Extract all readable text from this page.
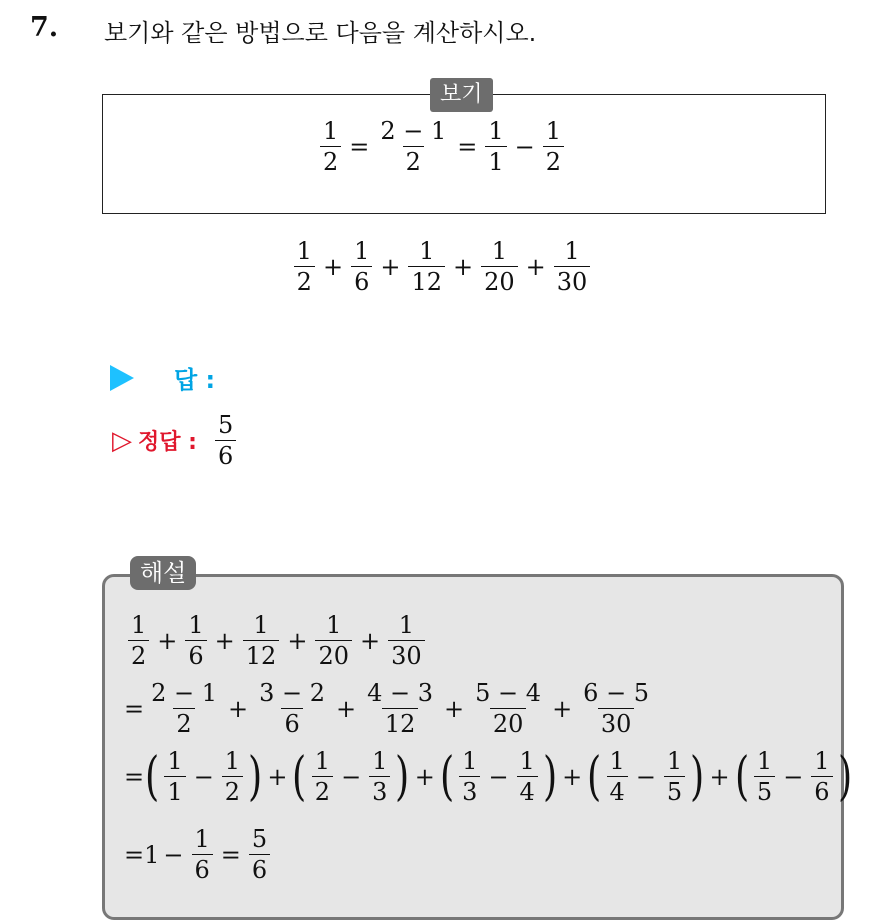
7. 보기와 같은 방법으로 다음을 계산하시오.
보기
$\frac{1}{2} = \frac{2 - 1}{2} = \frac{1}{1} - \frac{1}{2}$
$\frac{1}{2} + \frac{1}{6} + \frac{1}{12} + \frac{1}{20} + \frac{1}{30}$
답 :
▷ 정답 : $\frac{5}{6}$
해설
$\frac{1}{2} + \frac{1}{6} + \frac{1}{12} + \frac{1}{20} + \frac{1}{30}$
= $\frac{2 - 1}{2} + \frac{3 - 2}{6} + \frac{4 - 3}{12} + \frac{5 - 4}{20} + \frac{6 - 5}{30}$
= ( $\frac{1}{1} - \frac{1}{2}$ ) + ( $\frac{1}{2} - \frac{1}{3}$ ) + ( $\frac{1}{3} - \frac{1}{4}$ ) + ( $\frac{1}{4} - \frac{1}{5}$ ) + ( $\frac{1}{5} - \frac{1}{6}$ )
$=1 - \frac{1}{6} = \frac{5}{6}$
